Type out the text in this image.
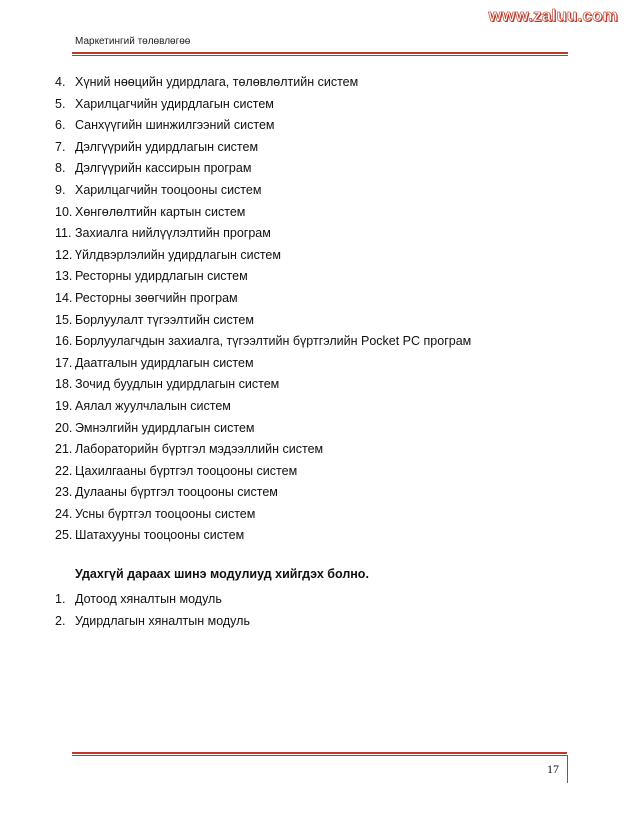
www.zaluu.com
Маркетингий төлөвлөгөө
4. Хүний нөөцийн удирдлага, төлөвлөлтийн систем
5. Харилцагчийн удирдлагын систем
6. Санхүүгийн шинжилгээний систем
7. Дэлгүүрийн удирдлагын систем
8. Дэлгүүрийн кассирын програм
9. Харилцагчийн тооцооны систем
10. Хөнгөлөлтийн картын систем
11. Захиалга нийлүүлэлтийн програм
12. Үйлдвэрлэлийн удирдлагын систем
13. Ресторны удирдлагын систем
14. Ресторны зөөгчийн програм
15. Борлуулалт түгээлтийн систем
16. Борлуулагчдын захиалга, түгээлтийн бүртгэлийн Pocket PC програм
17. Даатгалын удирдлагын систем
18. Зочид буудлын удирдлагын систем
19. Аялал жуулчлалын систем
20. Эмнэлгийн удирдлагын систем
21. Лабораторийн бүртгэл мэдээллийн систем
22. Цахилгааны бүртгэл тооцооны систем
23. Дулааны бүртгэл тооцооны систем
24. Усны бүртгэл тооцооны систем
25. Шатахууны тооцооны систем
Удахгүй дараах шинэ модулиуд хийгдэх болно.
1. Дотоод хяналтын модуль
2. Удирдлагын хяналтын модуль
17
